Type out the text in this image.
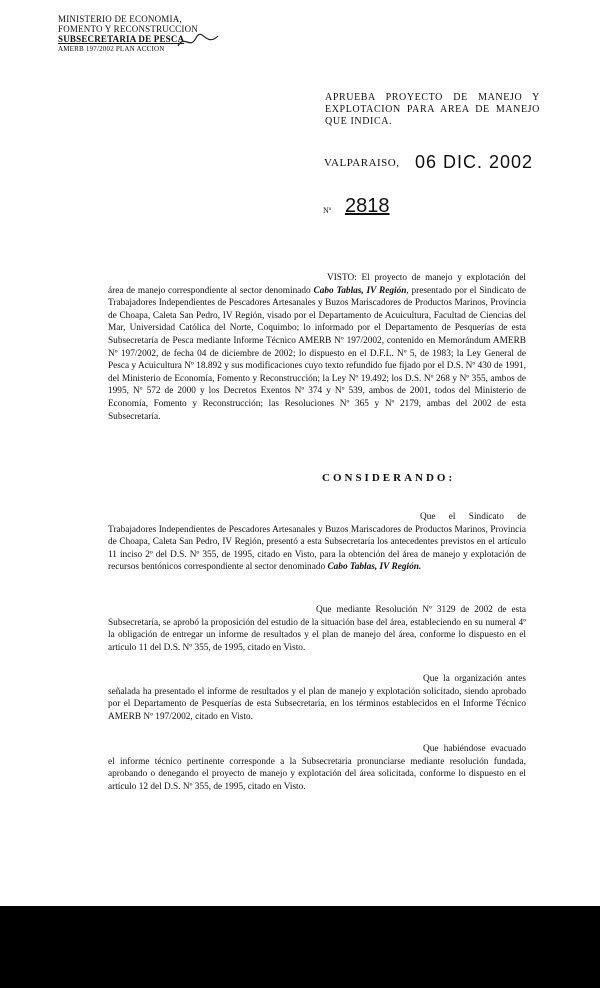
MINISTERIO DE ECONOMIA,
FOMENTO Y RECONSTRUCCION
SUBSECRETARIA DE PESCA
AMERB 197/2002 PLAN ACCION
APRUEBA PROYECTO DE MANEJO Y EXPLOTACION PARA AREA DE MANEJO QUE INDICA.
VALPARAISO, 06 DIC. 2002
Nº 2818
VISTO: El proyecto de manejo y explotación del área de manejo correspondiente al sector denominado Cabo Tablas, IV Región, presentado por el Sindicato de Trabajadores Independientes de Pescadores Artesanales y Buzos Mariscadores de Productos Marinos, Provincia de Choapa, Caleta San Pedro, IV Región, visado por el Departamento de Acuicultura, Facultad de Ciencias del Mar, Universidad Católica del Norte, Coquimbo; lo informado por el Departamento de Pesquerías de esta Subsecretaría de Pesca mediante Informe Técnico AMERB Nº 197/2002, contenido en Memorándum AMERB Nº 197/2002, de fecha 04 de diciembre de 2002; lo dispuesto en el D.F.L. Nº 5, de 1983; la Ley General de Pesca y Acuicultura Nº 18.892 y sus modificaciones cuyo texto refundido fue fijado por el D.S. Nº 430 de 1991, del Ministerio de Economía, Fomento y Reconstrucción; la Ley Nº 19.492; los D.S. Nº 268 y Nº 355, ambos de 1995, Nº 572 de 2000 y los Decretos Exentos Nº 374 y Nº 539, ambos de 2001, todos del Ministerio de Economía, Fomento y Reconstrucción; las Resoluciones Nº 365 y Nº 2179, ambas del 2002 de esta Subsecretaría.
CONSIDERANDO:
Que el Sindicato de Trabajadores Independientes de Pescadores Artesanales y Buzos Mariscadores de Productos Marinos, Provincia de Choapa, Caleta San Pedro, IV Región, presentó a esta Subsecretaría los antecedentes previstos en el artículo 11 inciso 2º del D.S. Nº 355, de 1995, citado en Visto, para la obtención del área de manejo y explotación de recursos bentónicos correspondiente al sector denominado Cabo Tablas, IV Región.
Que mediante Resolución Nº 3129 de 2002 de esta Subsecretaría, se aprobó la proposición del estudio de la situación base del área, estableciendo en su numeral 4º la obligación de entregar un informe de resultados y el plan de manejo del área, conforme lo dispuesto en el artículo 11 del D.S. Nº 355, de 1995, citado en Visto.
Que la organización antes señalada ha presentado el informe de resultados y el plan de manejo y explotación solicitado, siendo aprobado por el Departamento de Pesquerías de esta Subsecretaría, en los términos establecidos en el Informe Técnico AMERB Nº 197/2002, citado en Visto.
Que habiéndose evacuado el informe técnico pertinente corresponde a la Subsecretaría pronunciarse mediante resolución fundada, aprobando o denegando el proyecto de manejo y explotación del área solicitada, conforme lo dispuesto en el artículo 12 del D.S. Nº 355, de 1995, citado en Visto.
